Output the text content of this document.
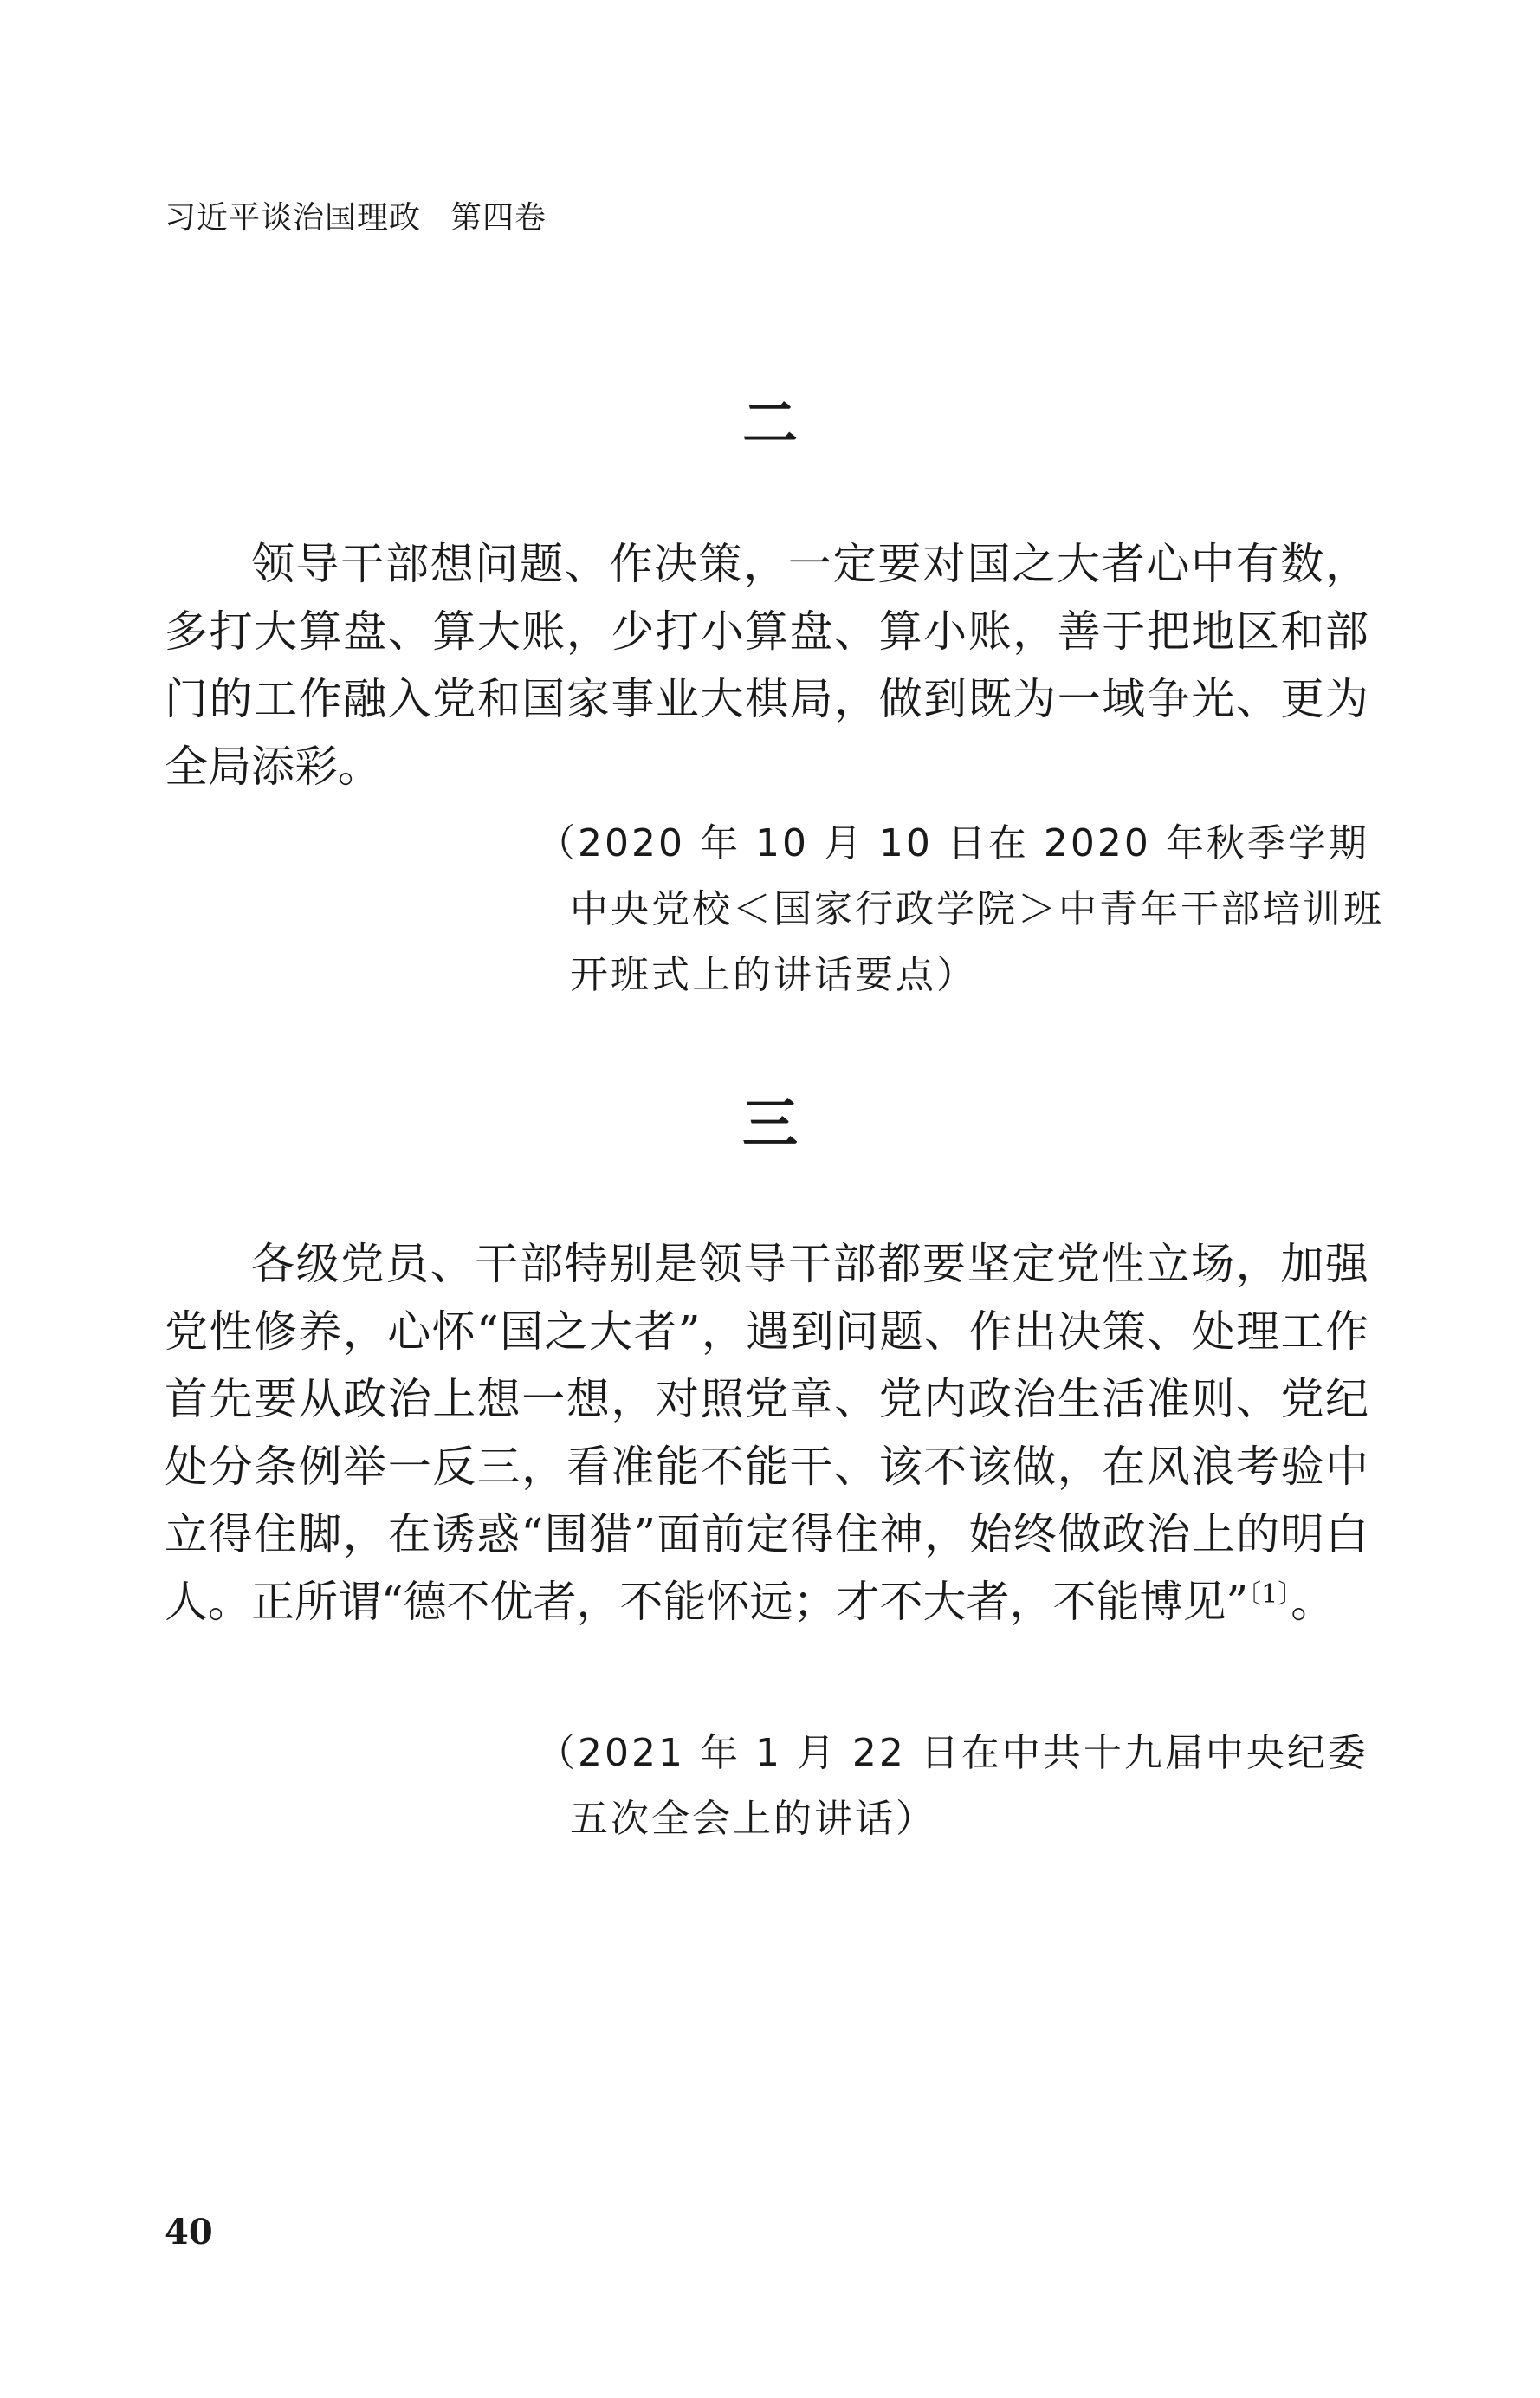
习近平谈治国理政 第四卷
二

领导干部想问题、作决策，一定要对国之大者心中有数，多打大算盘、算大账，少打小算盘、算小账，善于把地区和部门的工作融入党和国家事业大棋局，做到既为一域争光、更为全局添彩。

（2020 年 10 月 10 日在 2020 年秋季学期中央党校＜国家行政学院＞中青年干部培训班开班式上的讲话要点）

三

各级党员、干部特别是领导干部都要坚定党性立场，加强党性修养，心怀“国之大者”，遇到问题、作出决策、处理工作首先要从政治上想一想，对照党章、党内政治生活准则、党纪处分条例举一反三，看准能不能干、该不该做，在风浪考验中立得住脚，在诱惑“围猎”面前定得住神，始终做政治上的明白人。正所谓“德不优者，不能怀远；才不大者，不能博见”$^{〔1〕}$。

（2021 年 1 月 22 日在中共十九届中央纪委五次全会上的讲话）

40
